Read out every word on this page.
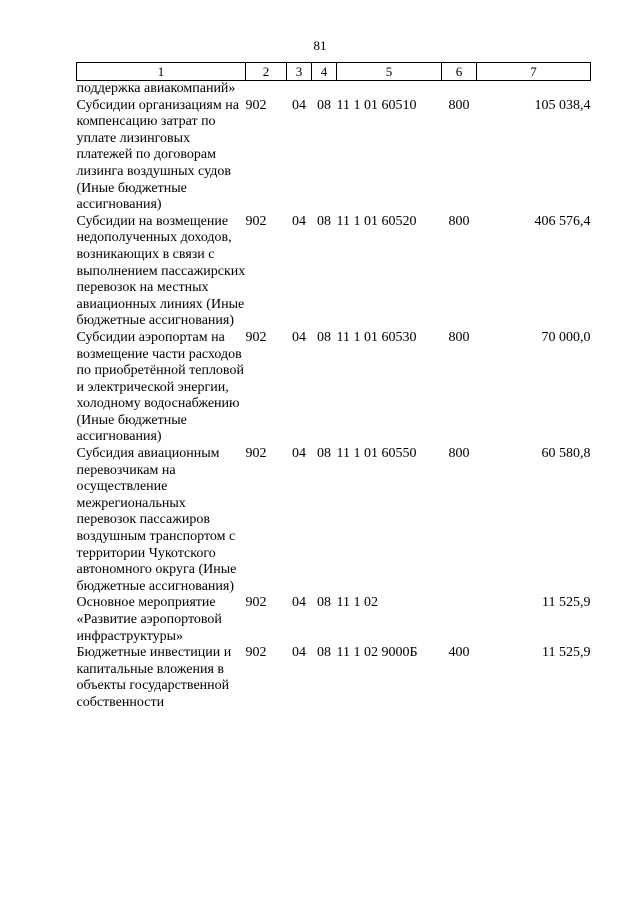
81
1	2	3	4	5	6	7
поддержка авиакомпаний»						
Субсидии организациям на компенсацию затрат по уплате лизинговых платежей по договорам лизинга воздушных судов (Иные бюджетные ассигнования)	902	04	08	11 1 01 60510	800	105 038,4
Субсидии на возмещение недополученных доходов, возникающих в связи с выполнением пассажирских перевозок на местных авиационных линиях (Иные бюджетные ассигнования)	902	04	08	11 1 01 60520	800	406 576,4
Субсидии аэропортам на возмещение части расходов по приобретённой тепловой и электрической энергии, холодному водоснабжению (Иные бюджетные ассигнования)	902	04	08	11 1 01 60530	800	70 000,0
Субсидия авиационным перевозчикам на осуществление межрегиональных перевозок пассажиров воздушным транспортом с территории Чукотского автономного округа (Иные бюджетные ассигнования)	902	04	08	11 1 01 60550	800	60 580,8
Основное мероприятие «Развитие аэропортовой инфраструктуры»	902	04	08	11 1 02		11 525,9
Бюджетные инвестиции и капитальные вложения в объекты государственной собственности	902	04	08	11 1 02 9000Б	400	11 525,9
